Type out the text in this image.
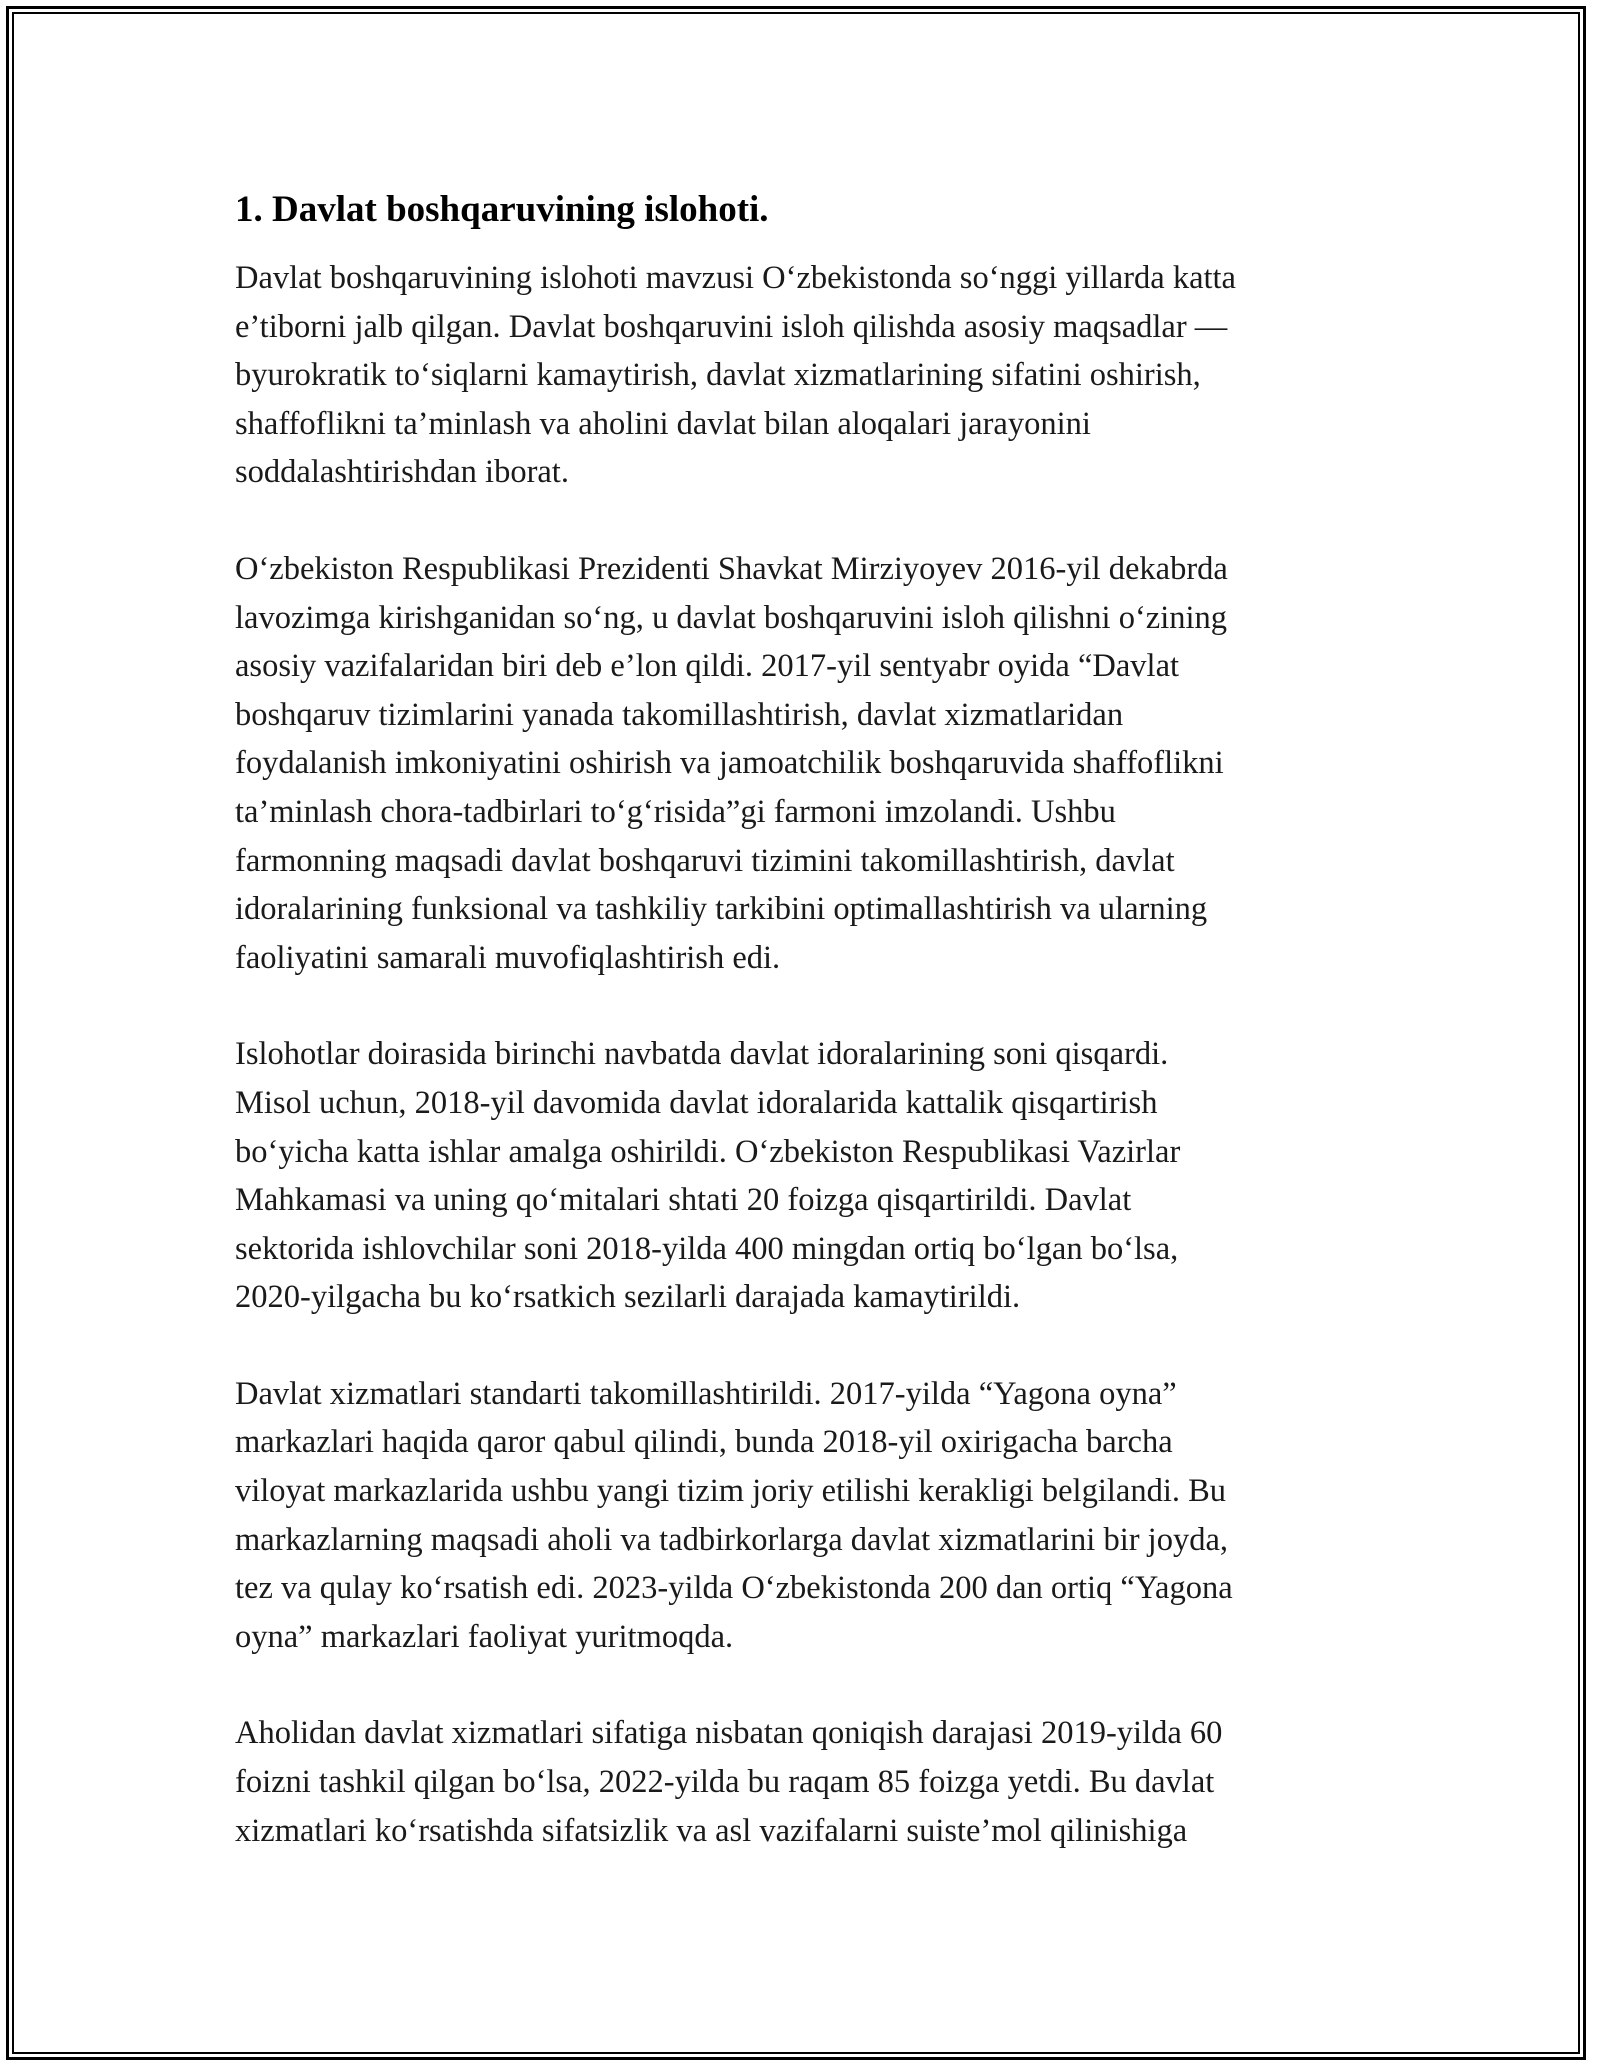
1. Davlat boshqaruvining islohoti.

Davlat boshqaruvining islohoti mavzusi O‘zbekistonda so‘nggi yillarda katta
e’tiborni jalb qilgan. Davlat boshqaruvini isloh qilishda asosiy maqsadlar —
byurokratik to‘siqlarni kamaytirish, davlat xizmatlarining sifatini oshirish,
shaffoflikni ta’minlash va aholini davlat bilan aloqalari jarayonini
soddalashtirishdan iborat.

O‘zbekiston Respublikasi Prezidenti Shavkat Mirziyoyev 2016-yil dekabrda
lavozimga kirishganidan so‘ng, u davlat boshqaruvini isloh qilishni o‘zining
asosiy vazifalaridan biri deb e’lon qildi. 2017-yil sentyabr oyida “Davlat
boshqaruv tizimlarini yanada takomillashtirish, davlat xizmatlaridan
foydalanish imkoniyatini oshirish va jamoatchilik boshqaruvida shaffoflikni
ta’minlash chora-tadbirlari to‘g‘risida”gi farmoni imzolandi. Ushbu
farmonning maqsadi davlat boshqaruvi tizimini takomillashtirish, davlat
idoralarining funksional va tashkiliy tarkibini optimallashtirish va ularning
faoliyatini samarali muvofiqlashtirish edi.

Islohotlar doirasida birinchi navbatda davlat idoralarining soni qisqardi.
Misol uchun, 2018-yil davomida davlat idoralarida kattalik qisqartirish
bo‘yicha katta ishlar amalga oshirildi. O‘zbekiston Respublikasi Vazirlar
Mahkamasi va uning qo‘mitalari shtati 20 foizga qisqartirildi. Davlat
sektorida ishlovchilar soni 2018-yilda 400 mingdan ortiq bo‘lgan bo‘lsa,
2020-yilgacha bu ko‘rsatkich sezilarli darajada kamaytirildi.

Davlat xizmatlari standarti takomillashtirildi. 2017-yilda “Yagona oyna”
markazlari haqida qaror qabul qilindi, bunda 2018-yil oxirigacha barcha
viloyat markazlarida ushbu yangi tizim joriy etilishi kerakligi belgilandi. Bu
markazlarning maqsadi aholi va tadbirkorlarga davlat xizmatlarini bir joyda,
tez va qulay ko‘rsatish edi. 2023-yilda O‘zbekistonda 200 dan ortiq “Yagona
oyna” markazlari faoliyat yuritmoqda.

Aholidan davlat xizmatlari sifatiga nisbatan qoniqish darajasi 2019-yilda 60
foizni tashkil qilgan bo‘lsa, 2022-yilda bu raqam 85 foizga yetdi. Bu davlat
xizmatlari ko‘rsatishda sifatsizlik va asl vazifalarni suiste’mol qilinishiga
